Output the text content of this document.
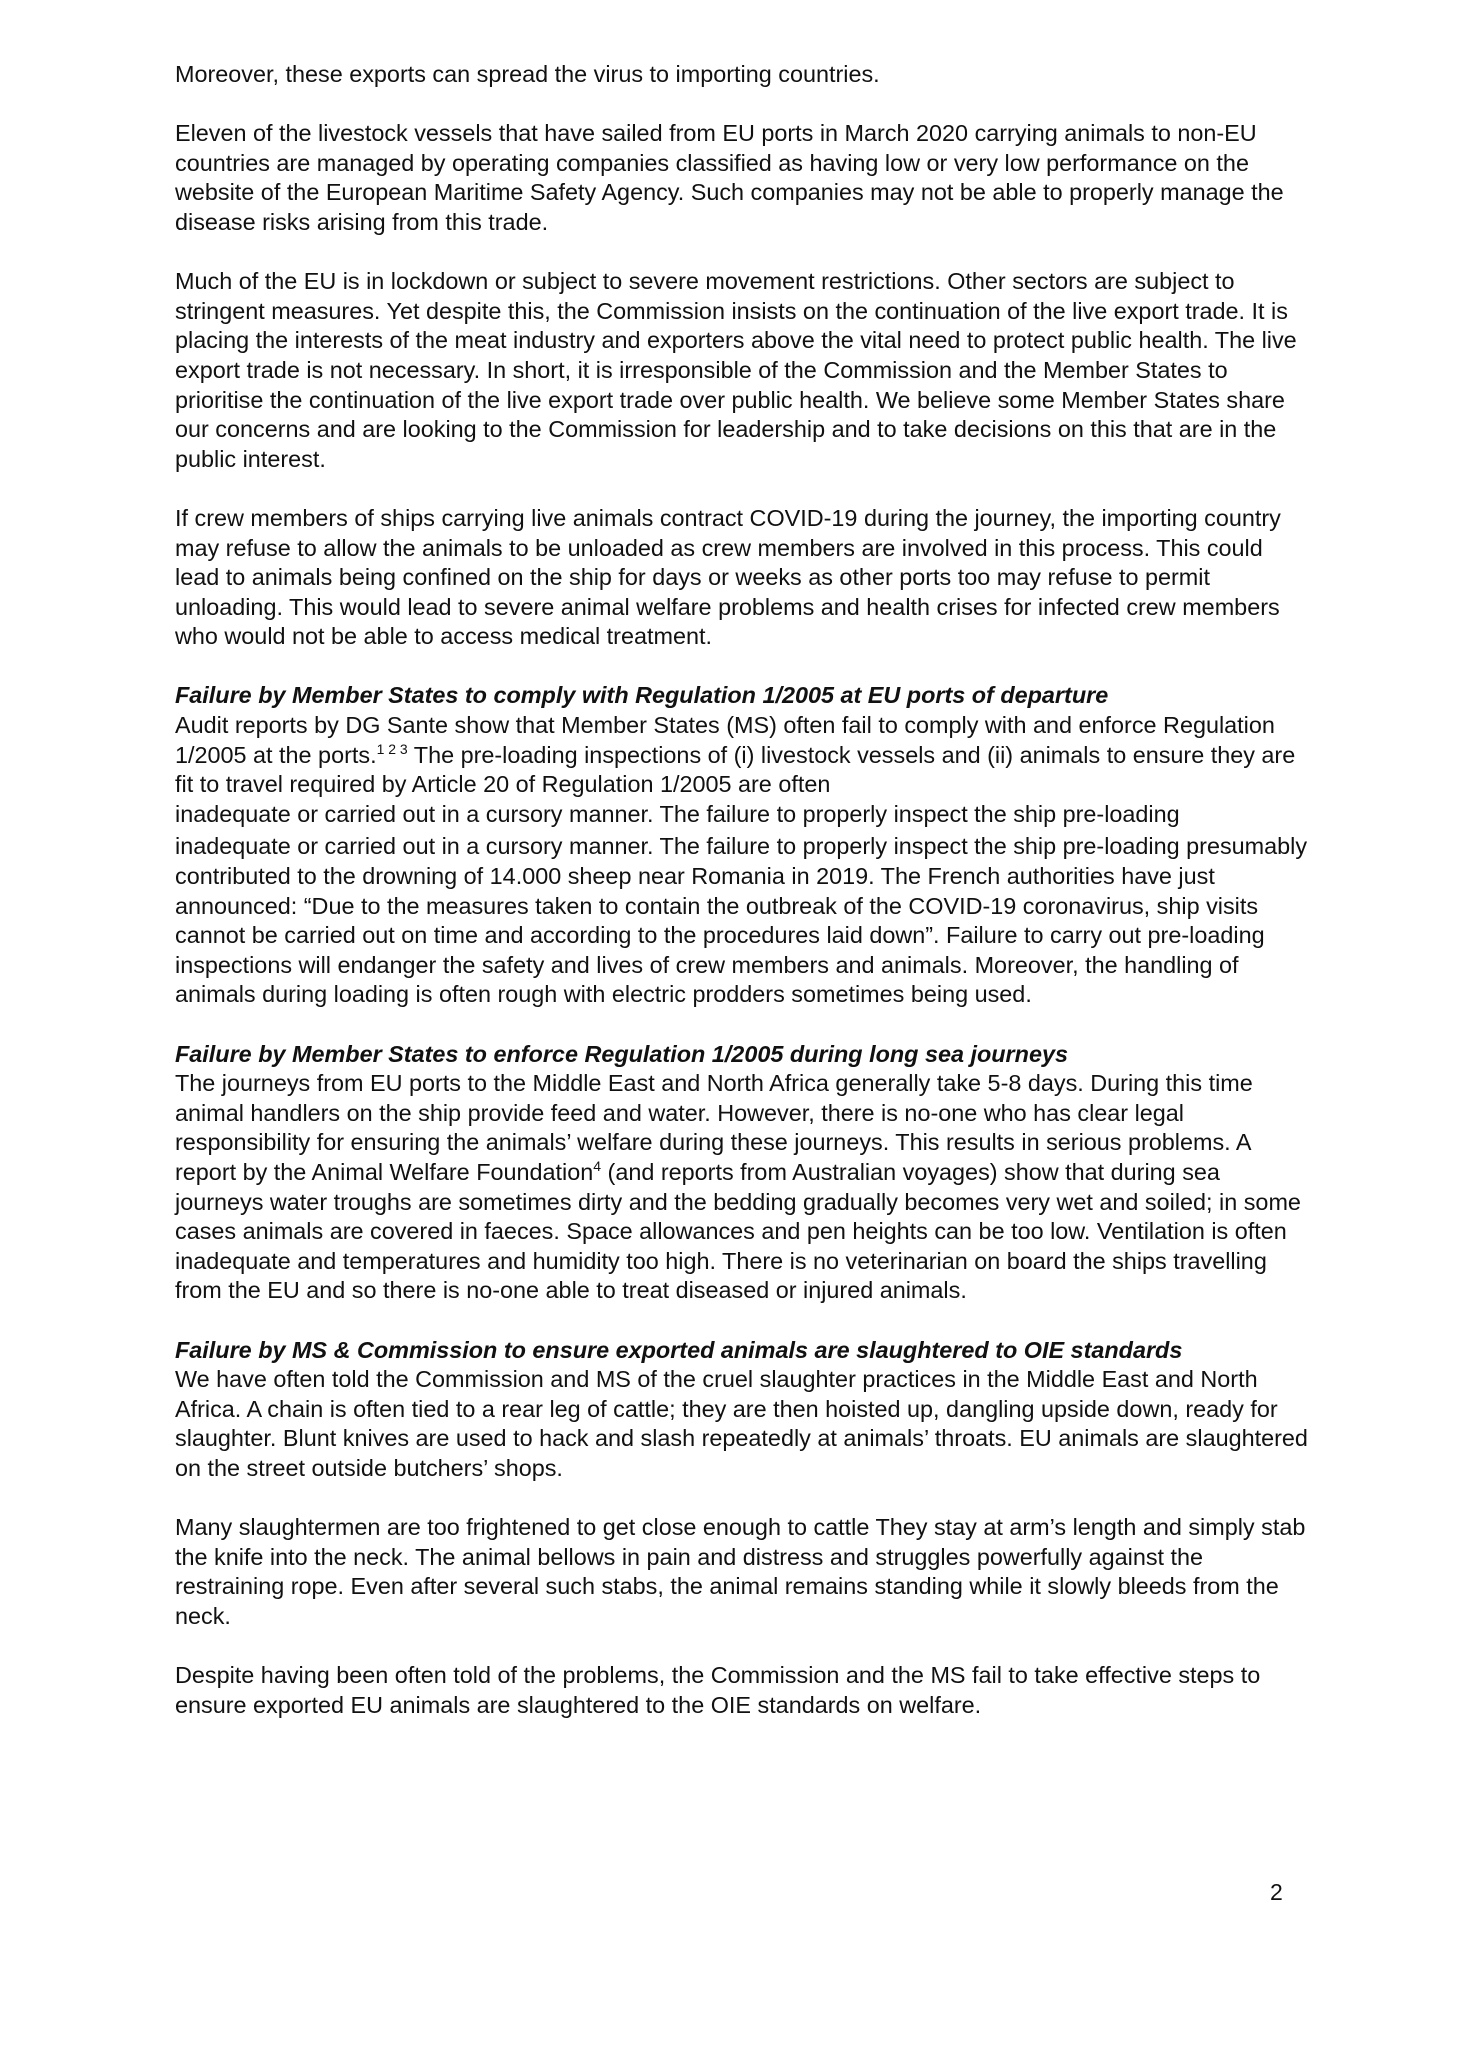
Moreover, these exports can spread the virus to importing countries.

Eleven of the livestock vessels that have sailed from EU ports in March 2020 carrying animals to non-EU countries are managed by operating companies classified as having low or very low performance on the website of the European Maritime Safety Agency. Such companies may not be able to properly manage the disease risks arising from this trade.

Much of the EU is in lockdown or subject to severe movement restrictions. Other sectors are subject to stringent measures. Yet despite this, the Commission insists on the continuation of the live export trade. It is placing the interests of the meat industry and exporters above the vital need to protect public health. The live export trade is not necessary. In short, it is irresponsible of the Commission and the Member States to prioritise the continuation of the live export trade over public health. We believe some Member States share our concerns and are looking to the Commission for leadership and to take decisions on this that are in the public interest.

If crew members of ships carrying live animals contract COVID-19 during the journey, the importing country may refuse to allow the animals to be unloaded as crew members are involved in this process. This could lead to animals being confined on the ship for days or weeks as other ports too may refuse to permit unloading. This would lead to severe animal welfare problems and health crises for infected crew members who would not be able to access medical treatment.

Failure by Member States to comply with Regulation 1/2005 at EU ports of departure

Audit reports by DG Sante show that Member States (MS) often fail to comply with and enforce Regulation 1/2005 at the ports.$^{1 2 3}$ The pre-loading inspections of (i) livestock vessels and (ii) animals to ensure they are fit to travel required by Article 20 of Regulation 1/2005 are often

inadequate or carried out in a cursory manner. The failure to properly inspect the ship pre-loading

inadequate or carried out in a cursory manner. The failure to properly inspect the ship pre-loading presumably contributed to the drowning of 14.000 sheep near Romania in 2019. The French authorities have just announced: “Due to the measures taken to contain the outbreak of the COVID-19 coronavirus, ship visits cannot be carried out on time and according to the procedures laid down”. Failure to carry out pre-loading inspections will endanger the safety and lives of crew members and animals. Moreover, the handling of animals during loading is often rough with electric prodders sometimes being used.

Failure by Member States to enforce Regulation 1/2005 during long sea journeys

The journeys from EU ports to the Middle East and North Africa generally take 5-8 days. During this time animal handlers on the ship provide feed and water. However, there is no-one who has clear legal responsibility for ensuring the animals’ welfare during these journeys. This results in serious problems. A report by the Animal Welfare Foundation$^4$ (and reports from Australian voyages) show that during sea journeys water troughs are sometimes dirty and the bedding gradually becomes very wet and soiled; in some cases animals are covered in faeces. Space allowances and pen heights can be too low. Ventilation is often inadequate and temperatures and humidity too high. There is no veterinarian on board the ships travelling from the EU and so there is no-one able to treat diseased or injured animals.

Failure by MS & Commission to ensure exported animals are slaughtered to OIE standards

We have often told the Commission and MS of the cruel slaughter practices in the Middle East and North Africa. A chain is often tied to a rear leg of cattle; they are then hoisted up, dangling upside down, ready for slaughter. Blunt knives are used to hack and slash repeatedly at animals’ throats. EU animals are slaughtered on the street outside butchers’ shops.

Many slaughtermen are too frightened to get close enough to cattle They stay at arm’s length and simply stab the knife into the neck. The animal bellows in pain and distress and struggles powerfully against the restraining rope. Even after several such stabs, the animal remains standing while it slowly bleeds from the neck.

Despite having been often told of the problems, the Commission and the MS fail to take effective steps to ensure exported EU animals are slaughtered to the OIE standards on welfare.

2
